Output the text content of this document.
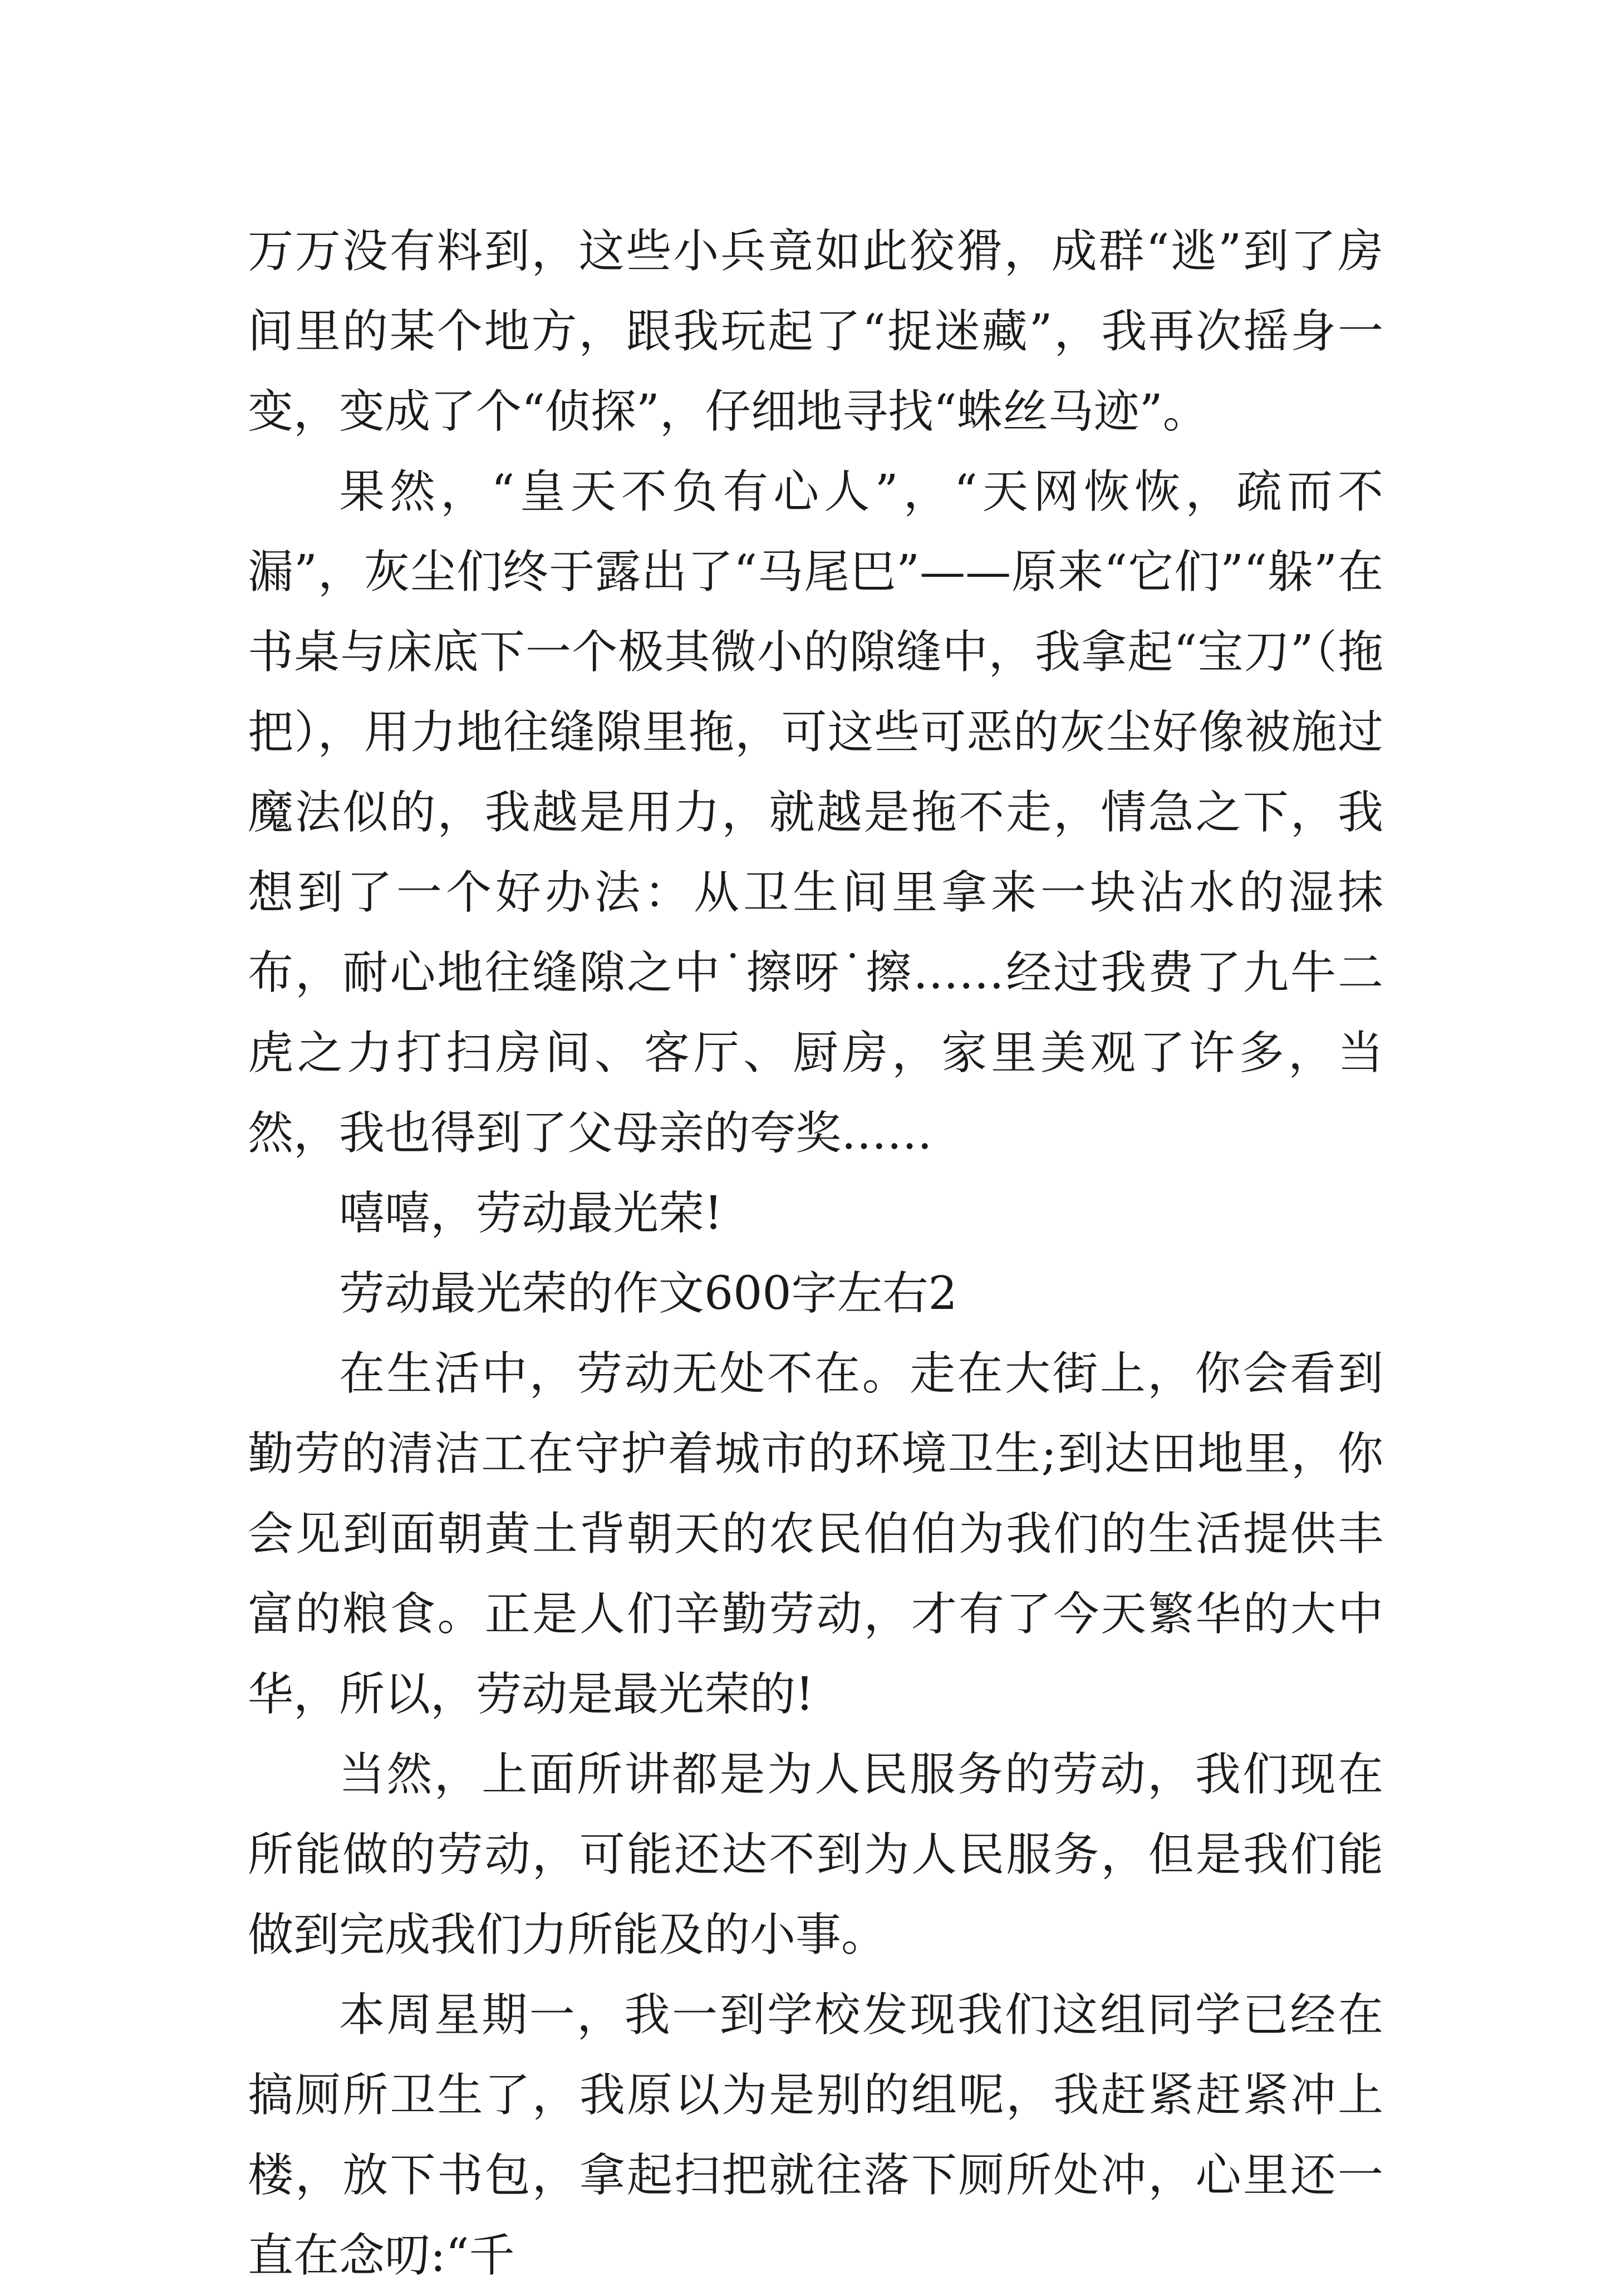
万万没有料到，这些小兵竟如此狡猾，成群“逃”到了房间里的某个地方，跟我玩起了“捉迷藏”，我再次摇身一变，变成了个“侦探”，仔细地寻找“蛛丝马迹”。

果然，“皇天不负有心人”，“天网恢恢，疏而不漏”，灰尘们终于露出了“马尾巴”——原来“它们”“躲”在书桌与床底下一个极其微小的隙缝中，我拿起“宝刀”（拖把），用力地往缝隙里拖，可这些可恶的灰尘好像被施过魔法似的，我越是用力，就越是拖不走，情急之下，我想到了一个好办法：从卫生间里拿来一块沾水的湿抹布，耐心地往缝隙之中˙擦呀˙擦……经过我费了九牛二虎之力打扫房间、客厅、厨房，家里美观了许多，当然，我也得到了父母亲的夸奖……

嘻嘻，劳动最光荣!

劳动最光荣的作文600字左右2

在生活中，劳动无处不在。走在大街上，你会看到勤劳的清洁工在守护着城市的环境卫生;到达田地里，你会见到面朝黄土背朝天的农民伯伯为我们的生活提供丰富的粮食。正是人们辛勤劳动，才有了今天繁华的大中华，所以，劳动是最光荣的!

当然，上面所讲都是为人民服务的劳动，我们现在所能做的劳动，可能还达不到为人民服务，但是我们能做到完成我们力所能及的小事。

本周星期一，我一到学校发现我们这组同学已经在搞厕所卫生了，我原以为是别的组呢，我赶紧赶紧冲上楼，放下书包，拿起扫把就往落下厕所处冲，心里还一直在念叨:“千
